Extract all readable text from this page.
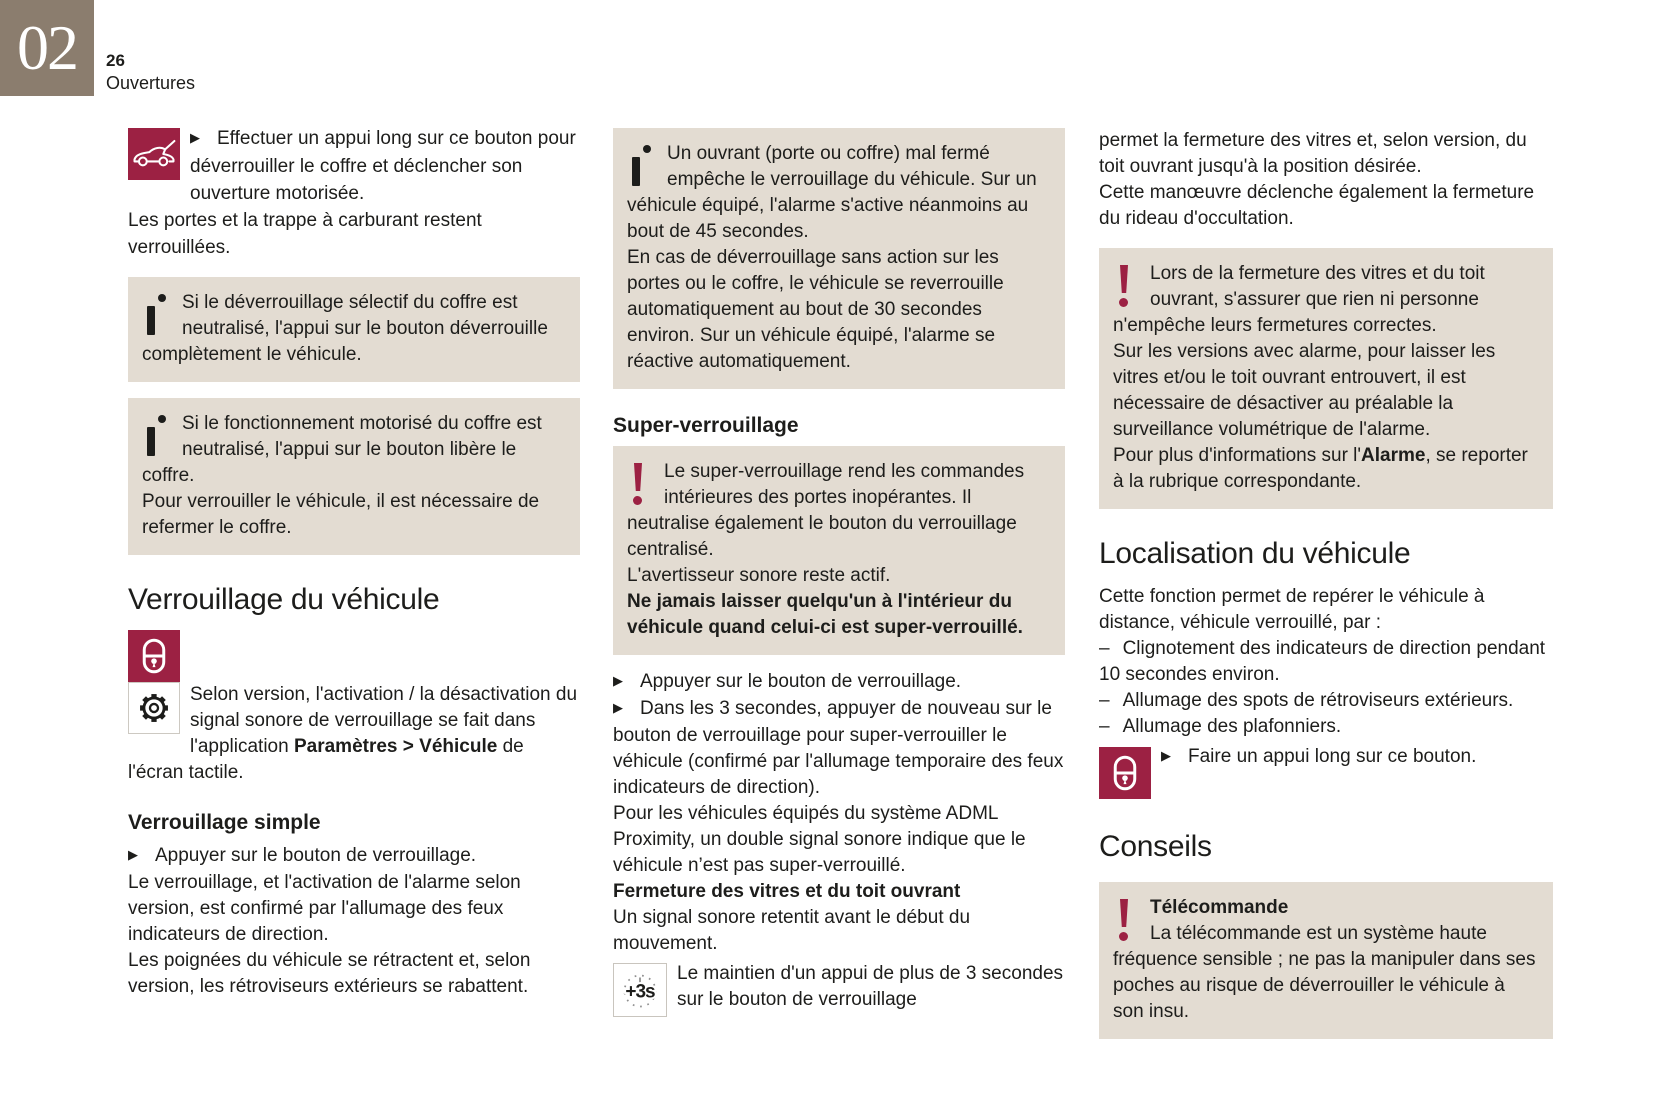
02 26
Ouvertures

▶ Effectuer un appui long sur ce bouton pour déverrouiller le coffre et déclencher son ouverture motorisée.

Les portes et la trappe à carburant restent verrouillées.

Si le déverrouillage sélectif du coffre est neutralisé, l'appui sur le bouton déverrouille complètement le véhicule.

Si le fonctionnement motorisé du coffre est neutralisé, l'appui sur le bouton libère le coffre.

Pour verrouiller le véhicule, il est nécessaire de refermer le coffre.

Verrouillage du véhicule

Selon version, l'activation / la désactivation du signal sonore de verrouillage se fait dans l'application Paramètres > Véhicule de l'écran tactile.

Verrouillage simple

▶ Appuyer sur le bouton de verrouillage.

Le verrouillage, et l'activation de l'alarme selon version, est confirmé par l'allumage des feux indicateurs de direction.

Les poignées du véhicule se rétractent et, selon version, les rétroviseurs extérieurs se rabattent.

Un ouvrant (porte ou coffre) mal fermé empêche le verrouillage du véhicule. Sur un véhicule équipé, l'alarme s'active néanmoins au bout de 45 secondes.

En cas de déverrouillage sans action sur les portes ou le coffre, le véhicule se reverrouille automatiquement au bout de 30 secondes environ. Sur un véhicule équipé, l'alarme se réactive automatiquement.

Super-verrouillage

Le super-verrouillage rend les commandes intérieures des portes inopérantes. Il neutralise également le bouton du verrouillage centralisé.

L'avertisseur sonore reste actif.

Ne jamais laisser quelqu'un à l'intérieur du véhicule quand celui-ci est super-verrouillé.

▶ Appuyer sur le bouton de verrouillage.

▶ Dans les 3 secondes, appuyer de nouveau sur le bouton de verrouillage pour super-verrouiller le véhicule (confirmé par l'allumage temporaire des feux indicateurs de direction).

Pour les véhicules équipés du système ADML Proximity, un double signal sonore indique que le véhicule n’est pas super-verrouillé.

Fermeture des vitres et du toit ouvrant

Un signal sonore retentit avant le début du mouvement.

+3s

Le maintien d'un appui de plus de 3 secondes sur le bouton de verrouillage

permet la fermeture des vitres et, selon version, du toit ouvrant jusqu'à la position désirée.

Cette manœuvre déclenche également la fermeture du rideau d'occultation.

Lors de la fermeture des vitres et du toit ouvrant, s'assurer que rien ni personne n'empêche leurs fermetures correctes.

Sur les versions avec alarme, pour laisser les vitres et/ou le toit ouvrant entrouvert, il est nécessaire de désactiver au préalable la surveillance volumétrique de l'alarme.

Pour plus d'informations sur l'Alarme, se reporter à la rubrique correspondante.

Localisation du véhicule

Cette fonction permet de repérer le véhicule à distance, véhicule verrouillé, par :

– Clignotement des indicateurs de direction pendant 10 secondes environ.

– Allumage des spots de rétroviseurs extérieurs.

– Allumage des plafonniers.

▶ Faire un appui long sur ce bouton.

Conseils

Télécommande

La télécommande est un système haute fréquence sensible ; ne pas la manipuler dans ses poches au risque de déverrouiller le véhicule à son insu.
